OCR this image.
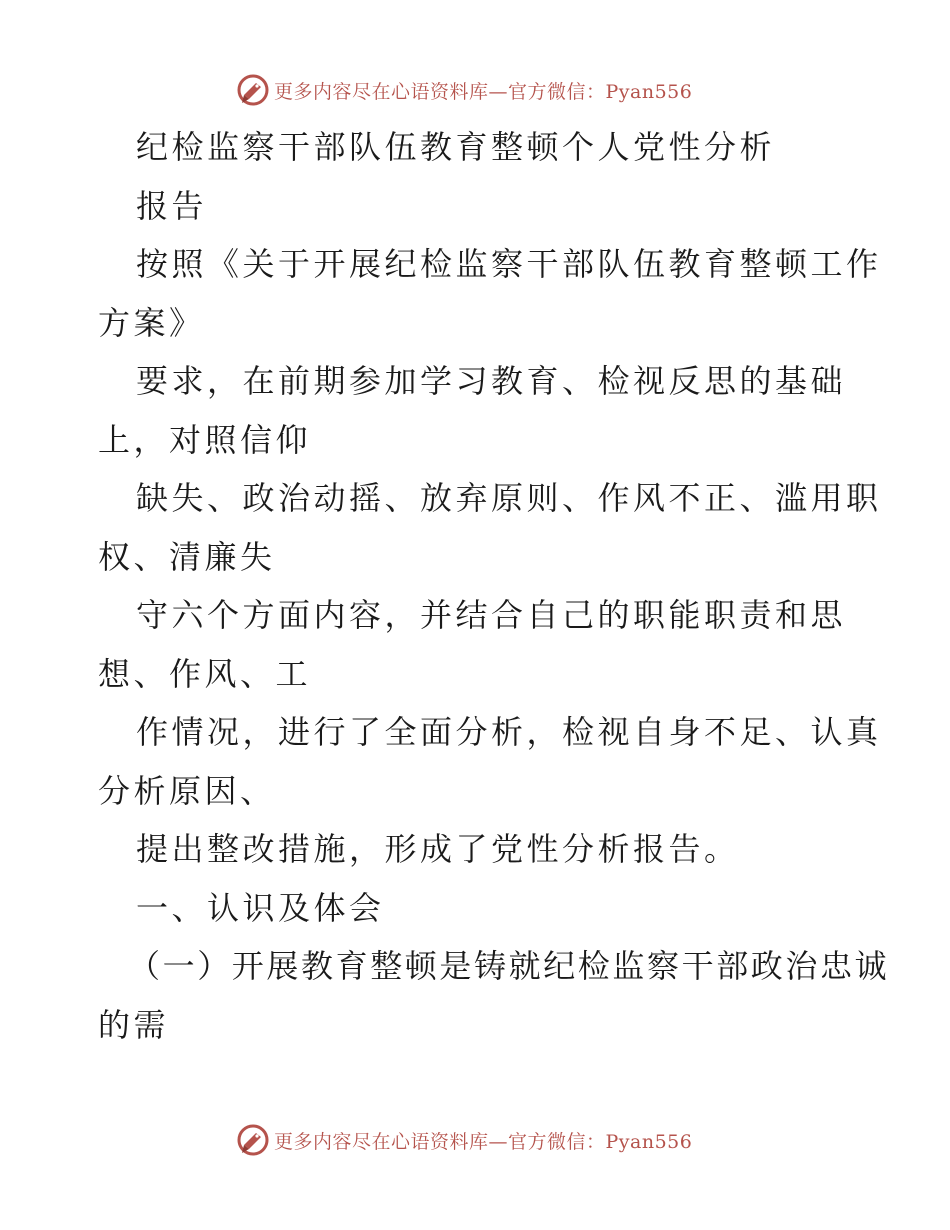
更多内容尽在心语资料库—官方微信：Pyan556
纪检监察干部队伍教育整顿个人党性分析
报告
按照《关于开展纪检监察干部队伍教育整顿工作
方案》
要求，在前期参加学习教育、检视反思的基础
上，对照信仰
缺失、政治动摇、放弃原则、作风不正、滥用职
权、清廉失
守六个方面内容，并结合自己的职能职责和思
想、作风、工
作情况，进行了全面分析，检视自身不足、认真
分析原因、
提出整改措施，形成了党性分析报告。
一、认识及体会
（一）开展教育整顿是铸就纪检监察干部政治忠诚
的需
更多内容尽在心语资料库—官方微信：Pyan556
